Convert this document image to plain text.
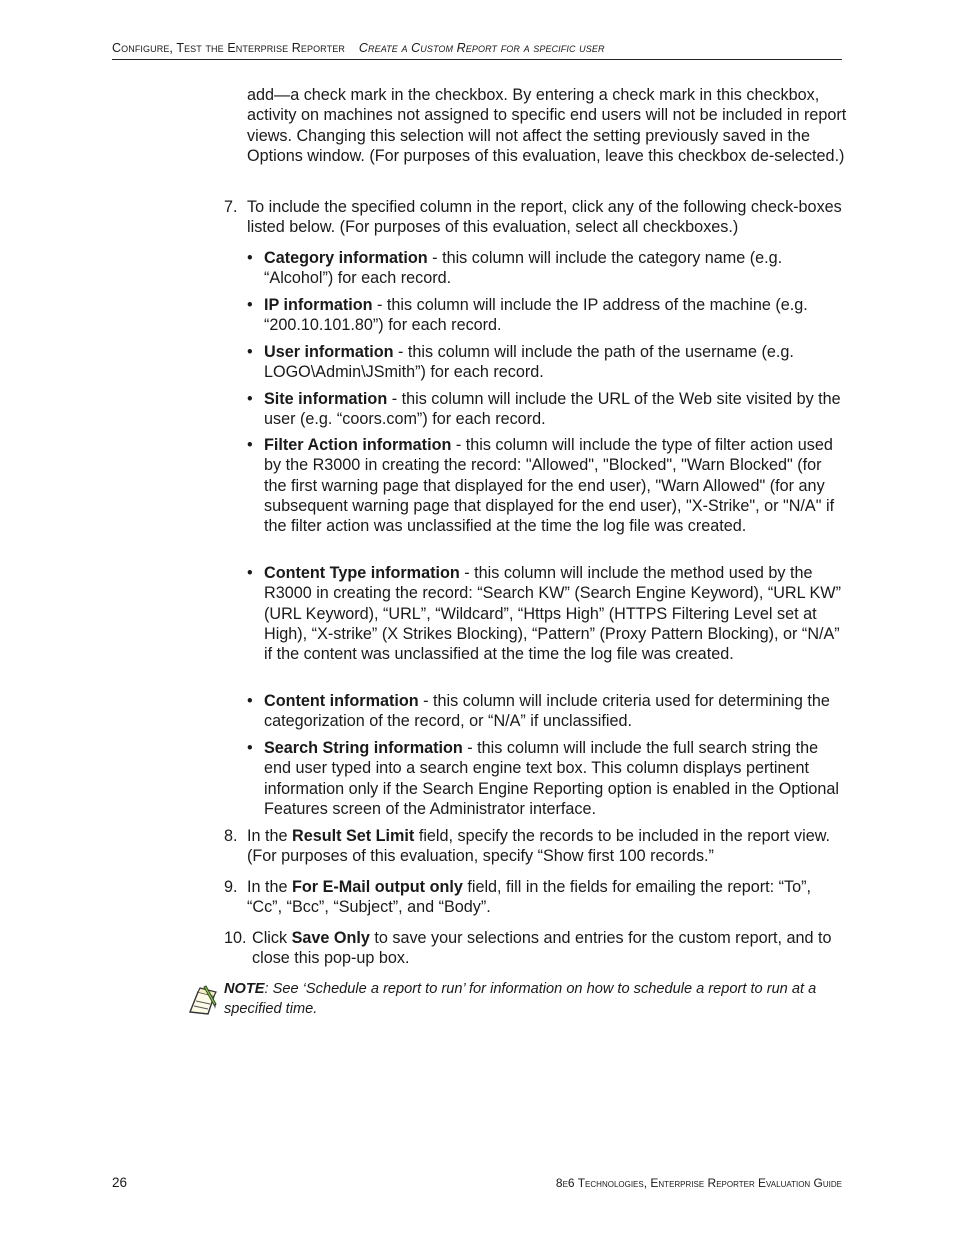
Configure, Test the Enterprise Reporter Create a Custom Report for a specific user
add—a check mark in the checkbox. By entering a check mark in this checkbox, activity on machines not assigned to specific end users will not be included in report views. Changing this selection will not affect the setting previously saved in the Options window. (For purposes of this evaluation, leave this checkbox de-selected.)
7. To include the specified column in the report, click any of the following check-boxes listed below. (For purposes of this evaluation, select all checkboxes.)
• Category information - this column will include the category name (e.g. “Alcohol”) for each record.
• IP information - this column will include the IP address of the machine (e.g. “200.10.101.80”) for each record.
• User information - this column will include the path of the username (e.g. LOGO\Admin\JSmith”) for each record.
• Site information - this column will include the URL of the Web site visited by the user (e.g. “coors.com”) for each record.
• Filter Action information - this column will include the type of filter action used by the R3000 in creating the record: "Allowed", "Blocked", "Warn Blocked" (for the first warning page that displayed for the end user), "Warn Allowed" (for any subsequent warning page that displayed for the end user), "X-Strike", or "N/A" if the filter action was unclassified at the time the log file was created.
• Content Type information - this column will include the method used by the R3000 in creating the record: “Search KW” (Search Engine Keyword), “URL KW” (URL Keyword), “URL”, “Wildcard”, “Https High” (HTTPS Filtering Level set at High), “X-strike” (X Strikes Blocking), “Pattern” (Proxy Pattern Blocking), or “N/A” if the content was unclassified at the time the log file was created.
• Content information - this column will include criteria used for determining the categorization of the record, or “N/A” if unclassified.
• Search String information - this column will include the full search string the end user typed into a search engine text box. This column displays pertinent information only if the Search Engine Reporting option is enabled in the Optional Features screen of the Administrator interface.
8. In the Result Set Limit field, specify the records to be included in the report view. (For purposes of this evaluation, specify “Show first 100 records.”
9. In the For E-Mail output only field, fill in the fields for emailing the report: “To”, “Cc”, “Bcc”, “Subject”, and “Body”.
10. Click Save Only to save your selections and entries for the custom report, and to close this pop-up box.
NOTE: See ‘Schedule a report to run’ for information on how to schedule a report to run at a specified time.
26	8e6 Technologies, Enterprise Reporter Evaluation Guide
